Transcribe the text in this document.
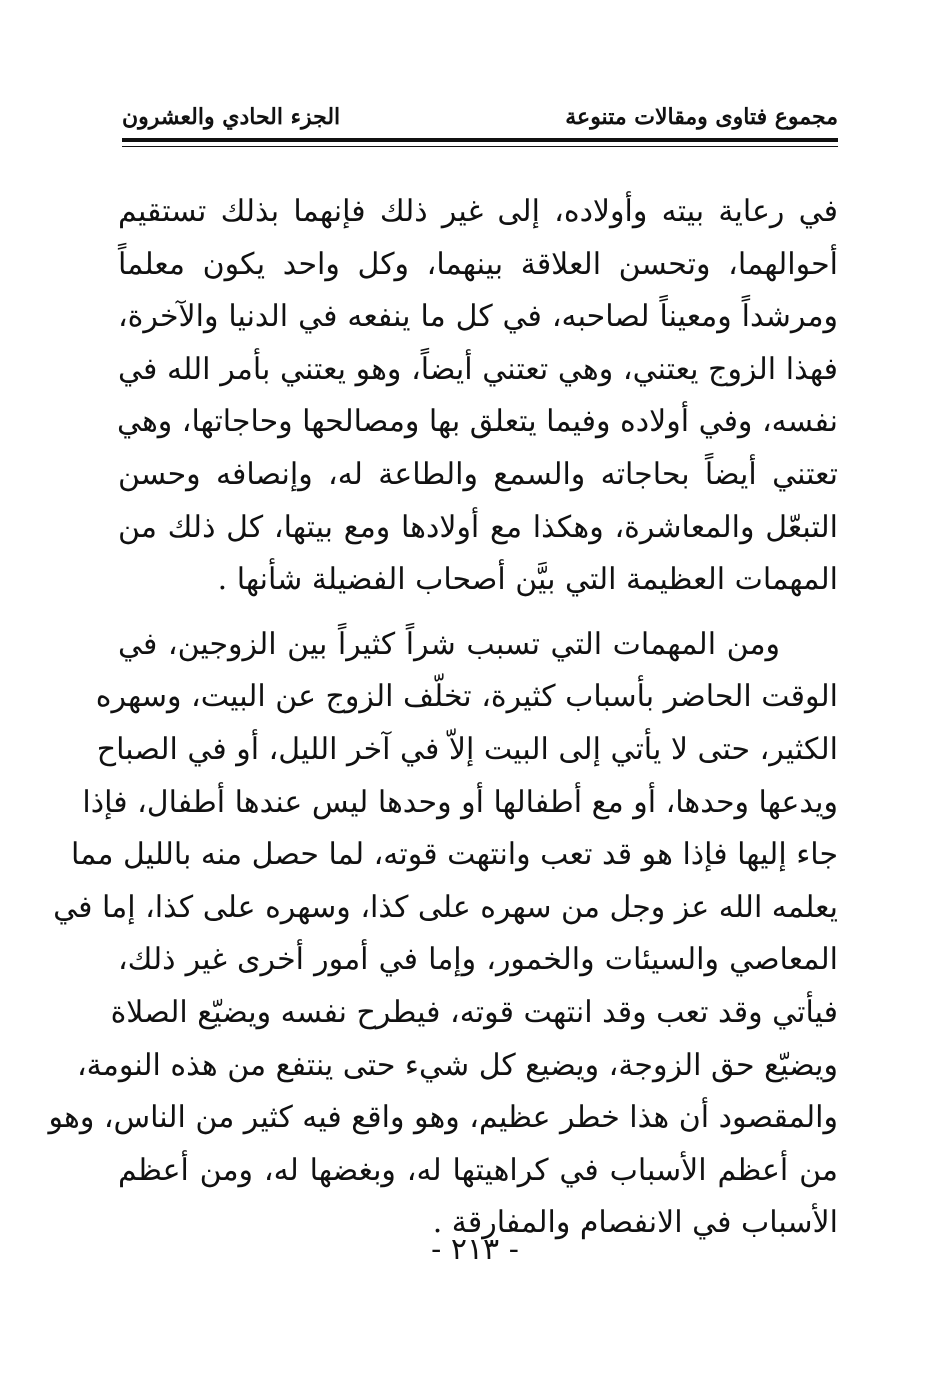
مجموع فتاوى ومقالات متنوعة
الجزء الحادي والعشرون
في رعاية بيته وأولاده، إلى غير ذلك فإنهما بذلك تستقيم
أحوالهما، وتحسن العلاقة بينهما، وكل واحد يكون معلماً
ومرشداً ومعيناً لصاحبه، في كل ما ينفعه في الدنيا والآخرة،
فهذا الزوج يعتني، وهي تعتني أيضاً، وهو يعتني بأمر الله في
نفسه، وفي أولاده وفيما يتعلق بها ومصالحها وحاجاتها، وهي
تعتني أيضاً بحاجاته والسمع والطاعة له، وإنصافه وحسن
التبعّل والمعاشرة، وهكذا مع أولادها ومع بيتها، كل ذلك من
المهمات العظيمة التي بيَّن أصحاب الفضيلة شأنها .
ومن المهمات التي تسبب شراً كثيراً بين الزوجين، في
الوقت الحاضر بأسباب كثيرة، تخلّف الزوج عن البيت، وسهره
الكثير، حتى لا يأتي إلى البيت إلاّ في آخر الليل، أو في الصباح
ويدعها وحدها، أو مع أطفالها أو وحدها ليس عندها أطفال، فإذا
جاء إليها فإذا هو قد تعب وانتهت قوته، لما حصل منه بالليل مما
يعلمه الله عز وجل من سهره على كذا، وسهره على كذا، إما في
المعاصي والسيئات والخمور، وإما في أمور أخرى غير ذلك،
فيأتي وقد تعب وقد انتهت قوته، فيطرح نفسه ويضيّع الصلاة
ويضيّع حق الزوجة، ويضيع كل شيء حتى ينتفع من هذه النومة،
والمقصود أن هذا خطر عظيم، وهو واقع فيه كثير من الناس، وهو
من أعظم الأسباب في كراهيتها له، وبغضها له، ومن أعظم
الأسباب في الانفصام والمفارقة .
- ٢١٣ -
